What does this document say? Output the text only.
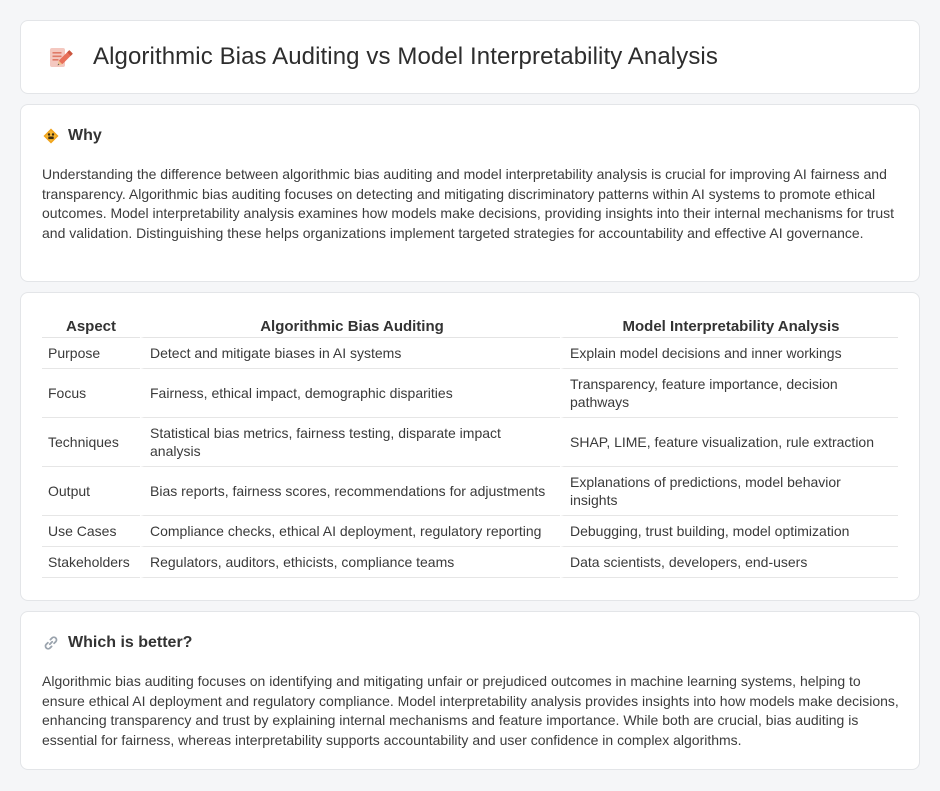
Algorithmic Bias Auditing vs Model Interpretability Analysis
Why

Understanding the difference between algorithmic bias auditing and model interpretability analysis is crucial for improving AI fairness and transparency. Algorithmic bias auditing focuses on detecting and mitigating discriminatory patterns within AI systems to promote ethical outcomes. Model interpretability analysis examines how models make decisions, providing insights into their internal mechanisms for trust and validation. Distinguishing these helps organizations implement targeted strategies for accountability and effective AI governance.

Aspect	Algorithmic Bias Auditing	Model Interpretability Analysis
Purpose	Detect and mitigate biases in AI systems	Explain model decisions and inner workings
Focus	Fairness, ethical impact, demographic disparities	Transparency, feature importance, decision pathways
Techniques	Statistical bias metrics, fairness testing, disparate impact analysis	SHAP, LIME, feature visualization, rule extraction
Output	Bias reports, fairness scores, recommendations for adjustments	Explanations of predictions, model behavior insights
Use Cases	Compliance checks, ethical AI deployment, regulatory reporting	Debugging, trust building, model optimization
Stakeholders	Regulators, auditors, ethicists, compliance teams	Data scientists, developers, end-users
Which is better?

Algorithmic bias auditing focuses on identifying and mitigating unfair or prejudiced outcomes in machine learning systems, helping to ensure ethical AI deployment and regulatory compliance. Model interpretability analysis provides insights into how models make decisions, enhancing transparency and trust by explaining internal mechanisms and feature importance. While both are crucial, bias auditing is essential for fairness, whereas interpretability supports accountability and user confidence in complex algorithms.
